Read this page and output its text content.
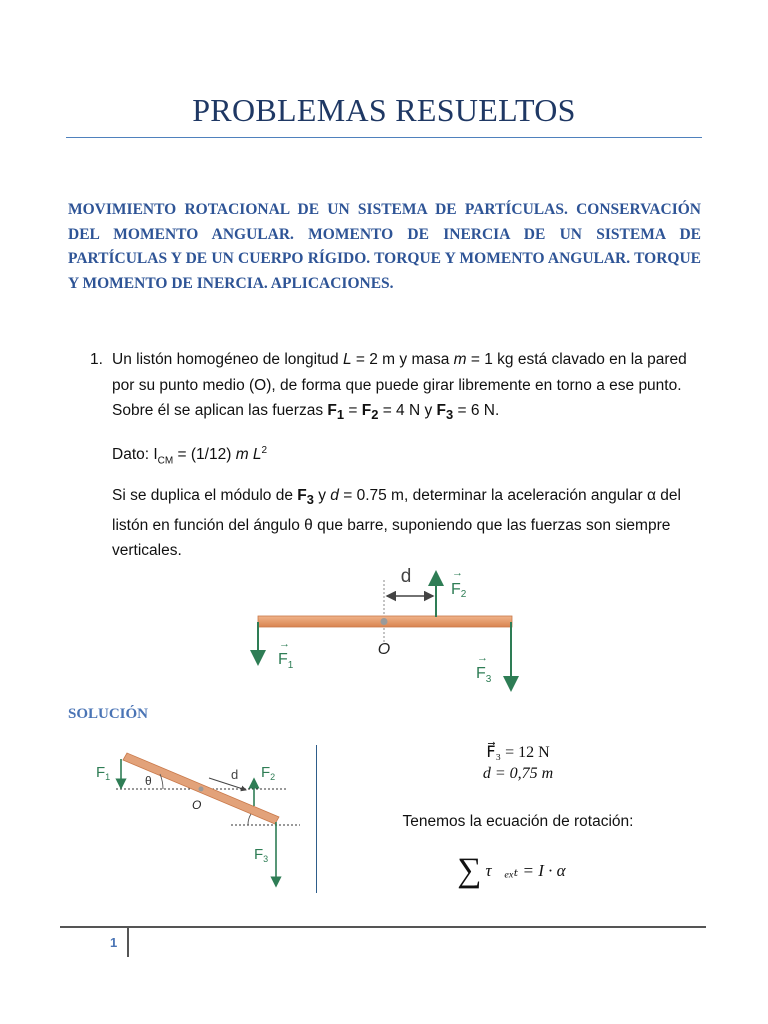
PROBLEMAS RESUELTOS
MOVIMIENTO ROTACIONAL DE UN SISTEMA DE PARTÍCULAS. CONSERVACIÓN DEL MOMENTO ANGULAR. MOMENTO DE INERCIA DE UN SISTEMA DE PARTÍCULAS Y DE UN CUERPO RÍGIDO. TORQUE Y MOMENTO ANGULAR. TORQUE Y MOMENTO DE INERCIA. APLICACIONES.
1. Un listón homogéneo de longitud L = 2 m y masa m = 1 kg está clavado en la pared por su punto medio (O), de forma que puede girar libremente en torno a ese punto. Sobre él se aplican las fuerzas $F_1 = F_2 = 4$ N y $F_3 = 6$ N.

Dato: $I_{CM} = (1/12)$ m $L^2$

Si se duplica el módulo de $F_3$ y d = 0.75 m, determinar la aceleración angular α del listón en función del ángulo θ que barre, suponiendo que las fuerzas son siempre verticales.

d
F2
→
$F_1$
→
$F_3$
→
O
SOLUCIÓN
θ	d
O
$F_1$	$F_2$
$F_3$
F⃗₃ = 12 N
d = 0,75 m
Tenemos la ecuación de rotación:
∑ τ⃗ₑₓₜ = I · α⃗
1
